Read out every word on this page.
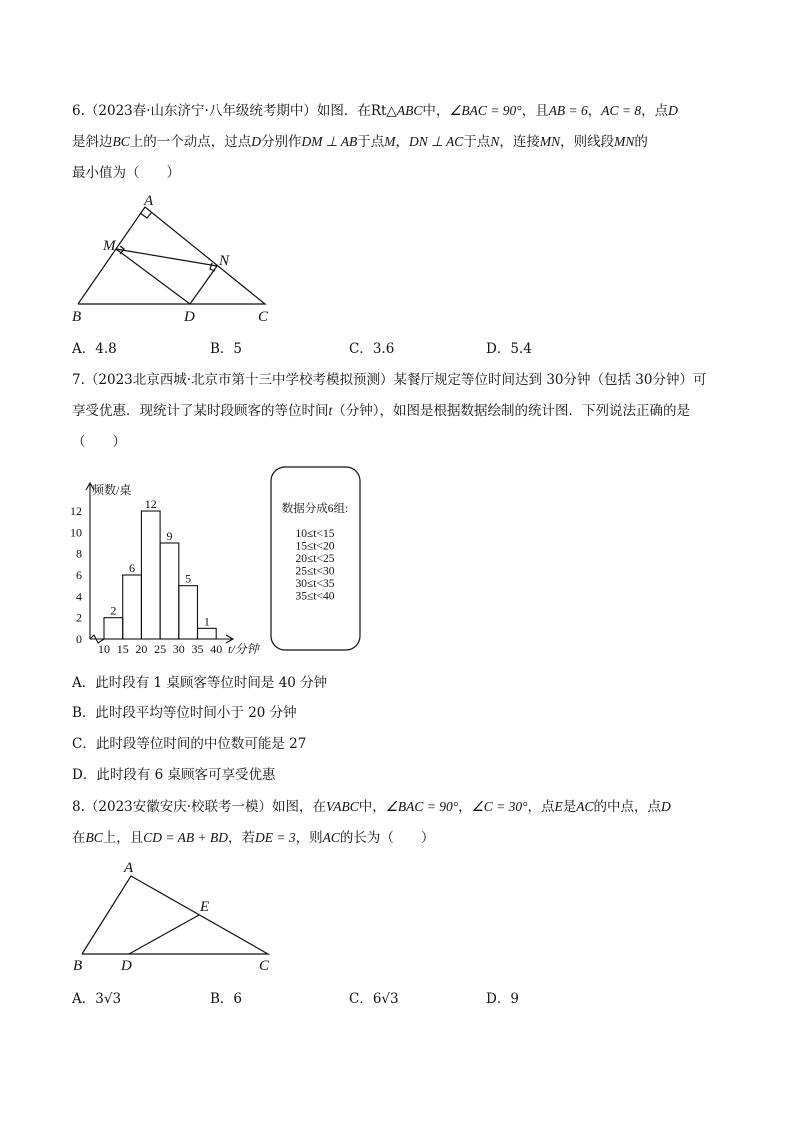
6.（2023春·山东济宁·八年级统考期中）如图．在Rt△ABC中，∠BAC = 90°，且AB = 6，AC = 8，点D
是斜边BC上的一个动点，过点D分别作DM ⊥ AB于点M，DN ⊥ AC于点N，连接MN，则线段MN的
最小值为（　　）
A
M
N
B	D	C
A．4.8	B．5	C．3.6	D．5.4
7.（2023北京西城·北京市第十三中学校考模拟预测）某餐厅规定等位时间达到 30分钟（包括 30分钟）可
享受优惠．现统计了某时段顾客的等位时间t（分钟），如图是根据数据绘制的统计图．下列说法正确的是
（　　）
2
6
12
9
5
1
0
2
4
6
8
10
12
10 15 20 25 30 35 40
频数/桌
t/分钟
数据分成6组:
10≤t<15
15≤t<20
20≤t<25
25≤t<30
30≤t<35
35≤t<40
A．此时段有 1 桌顾客等位时间是 40 分钟
B．此时段平均等位时间小于 20 分钟
C．此时段等位时间的中位数可能是 27
D．此时段有 6 桌顾客可享受优惠
8.（2023安徽安庆·校联考一模）如图，在VABC中，∠BAC = 90°，∠C = 30°，点E是AC的中点，点D
在BC上，且CD = AB + BD，若DE = 3，则AC的长为（　　）
A
E
B	D	C
A．3√3	B．6	C．6√3	D．9
